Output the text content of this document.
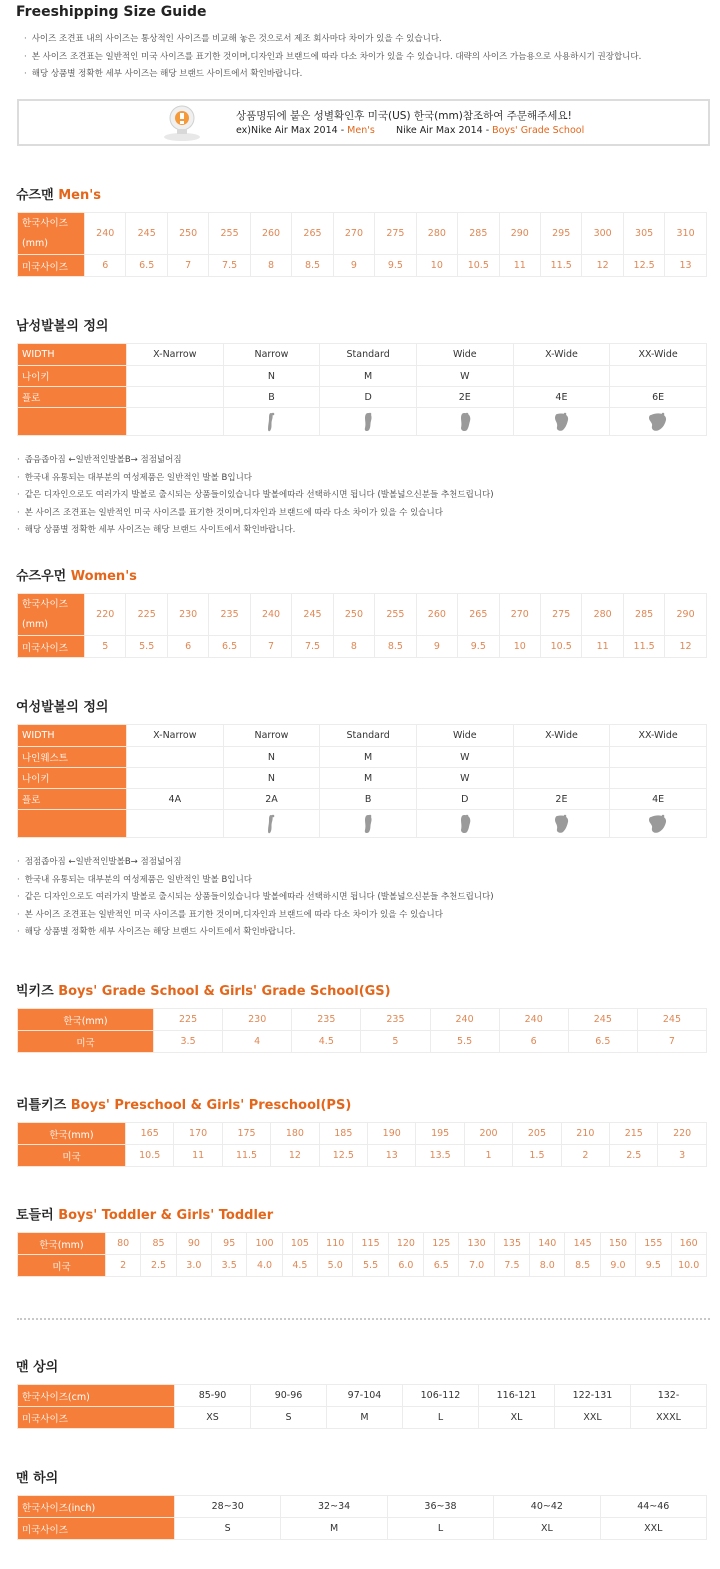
Freeshipping Size Guide
· 사이즈 조견표 내의 사이즈는 통상적인 사이즈를 비교해 놓은 것으로서 제조 회사마다 차이가 있을 수 있습니다.
· 본 사이즈 조견표는 일반적인 미국 사이즈를 표기한 것이며,디자인과 브랜드에 따라 다소 차이가 있을 수 있습니다. 대략의 사이즈 가늠용으로 사용하시기 권장합니다.
· 해당 상품별 정확한 세부 사이즈는 해당 브랜드 사이트에서 확인바랍니다.
상품명뒤에 붙은 성별확인후 미국(US) 한국(mm)참조하여 주문해주세요!
ex)Nike Air Max 2014 - Men's Nike Air Max 2014 - Boys' Grade School
슈즈맨 Men's
한국사이즈 (mm)	240	245	250	255	260	265	270	275	280	285	290	295	300	305	310
미국사이즈	6	6.5	7	7.5	8	8.5	9	9.5	10	10.5	11	11.5	12	12.5	13
남성발볼의 정의
WIDTH	X-Narrow	Narrow	Standard	Wide	X-Wide	XX-Wide
나이키		N	M	W		
플로		B	D	2E	4E	6E

· 좁음좁아짐 ←일반적인발볼B→ 점점넓어짐
· 한국내 유통되는 대부분의 여성제품은 일반적인 발볼 B입니다
· 같은 디자인으로도 여러가지 발볼로 출시되는 상품들이있습니다 발볼에따라 선택하시면 됩니다 (발볼넓으신분들 추천드립니다)
· 본 사이즈 조견표는 일반적인 미국 사이즈를 표기한 것이며,디자인과 브랜드에 따라 다소 차이가 있을 수 있습니다
· 해당 상품별 정확한 세부 사이즈는 해당 브랜드 사이트에서 확인바랍니다.
슈즈우먼 Women's
한국사이즈 (mm)	220	225	230	235	240	245	250	255	260	265	270	275	280	285	290
미국사이즈	5	5.5	6	6.5	7	7.5	8	8.5	9	9.5	10	10.5	11	11.5	12
여성발볼의 정의
WIDTH	X-Narrow	Narrow	Standard	Wide	X-Wide	XX-Wide
나인웨스트		N	M	W		
나이키		N	M	W		
플로	4A	2A	B	D	2E	4E

· 점점좁아짐 ←일반적인발볼B→ 점점넓어짐
· 한국내 유통되는 대부분의 여성제품은 일반적인 발볼 B입니다
· 같은 디자인으로도 여러가지 발볼로 출시되는 상품들이있습니다 발볼에따라 선택하시면 됩니다 (발볼넓으신분들 추천드립니다)
· 본 사이즈 조견표는 일반적인 미국 사이즈를 표기한 것이며,디자인과 브랜드에 따라 다소 차이가 있을 수 있습니다
· 해당 상품별 정확한 세부 사이즈는 해당 브랜드 사이트에서 확인바랍니다.
빅키즈 Boys' Grade School & Girls' Grade School(GS)
한국(mm)	225	230	235	235	240	240	245	245
미국	3.5	4	4.5	5	5.5	6	6.5	7
리틀키즈 Boys' Preschool & Girls' Preschool(PS)
한국(mm)	165	170	175	180	185	190	195	200	205	210	215	220
미국	10.5	11	11.5	12	12.5	13	13.5	1	1.5	2	2.5	3
토들러 Boys' Toddler & Girls' Toddler
한국(mm)	80	85	90	95	100	105	110	115	120	125	130	135	140	145	150	155	160
미국	2	2.5	3.0	3.5	4.0	4.5	5.0	5.5	6.0	6.5	7.0	7.5	8.0	8.5	9.0	9.5	10.0
맨 상의
한국사이즈(cm)	85-90	90-96	97-104	106-112	116-121	122-131	132-
미국사이즈	XS	S	M	L	XL	XXL	XXXL
맨 하의
한국사이즈(inch)	28~30	32~34	36~38	40~42	44~46
미국사이즈	S	M	L	XL	XXL
